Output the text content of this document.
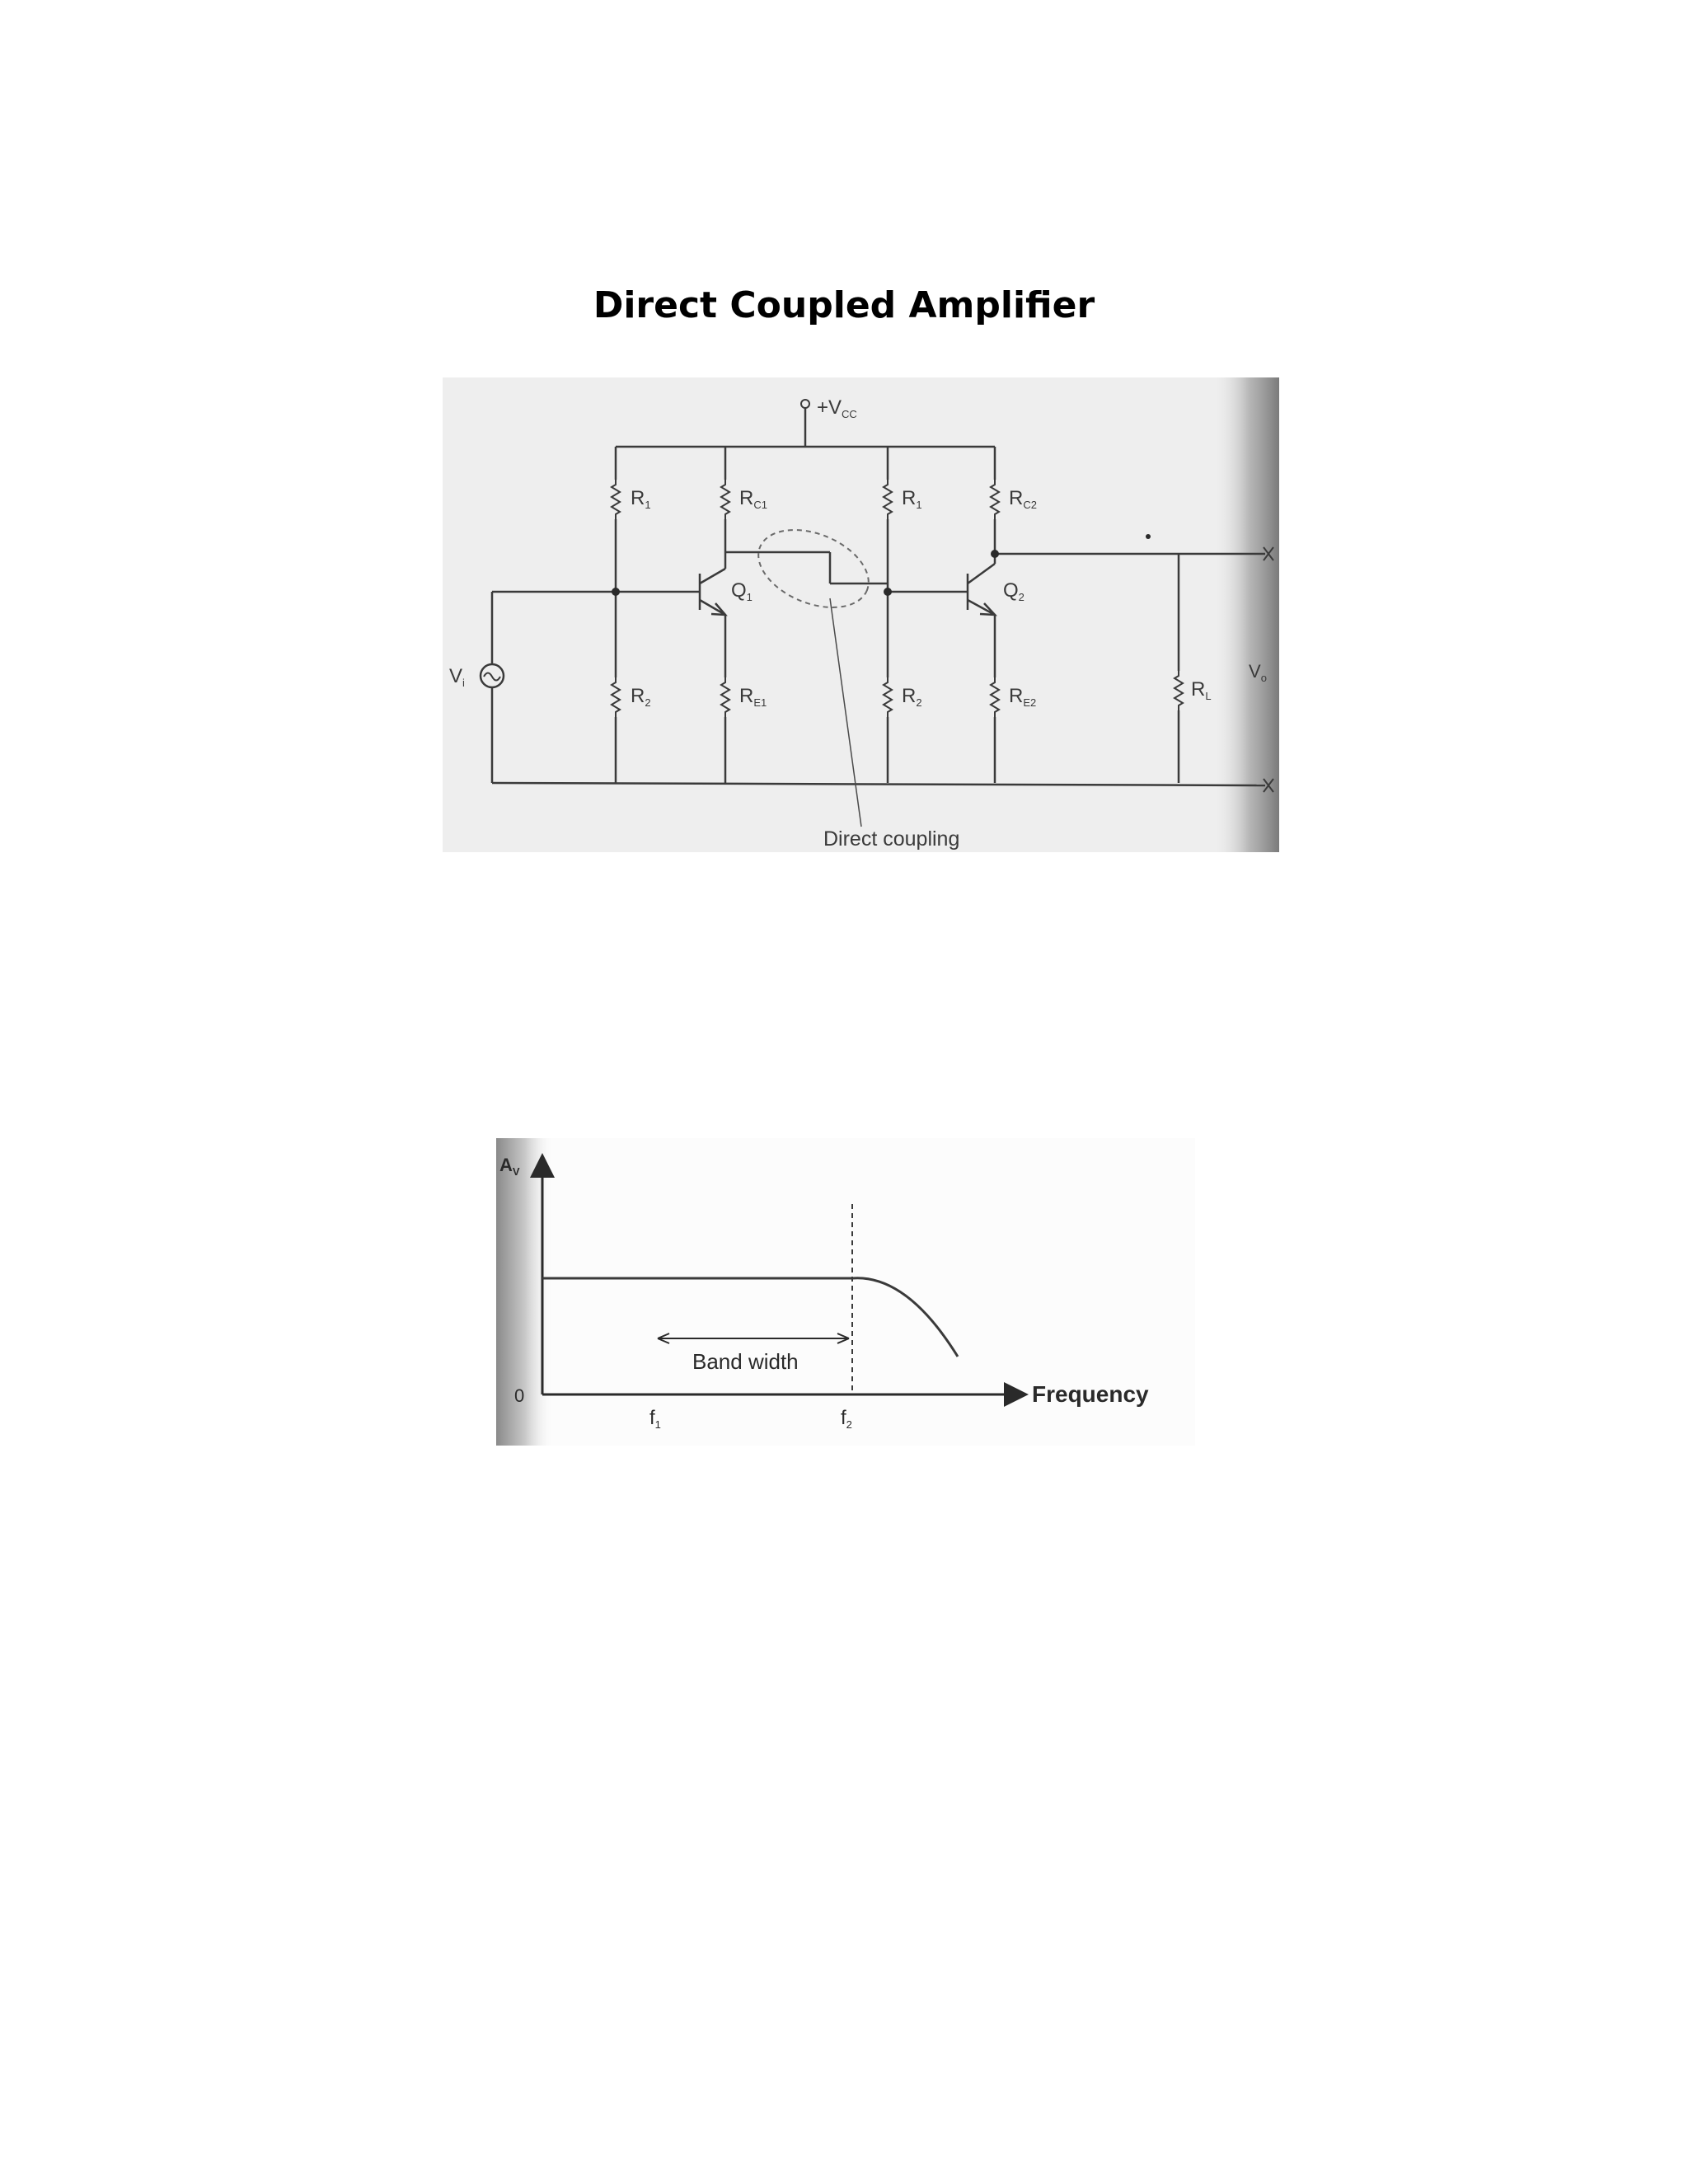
Direct Coupled Amplifier
$+V_{CC}$
$V_i$
$V_o$
$R_1$
$R_2$
$R_{C1}$
$R_{E1}$
$Q_1$
$R_1$
$R_2$
$R_{C2}$
$R_{E2}$
$Q_2$
$R_L$
Direct coupling
Band width
$A_V$
Frequency
0
$f_1$	$f_2$
